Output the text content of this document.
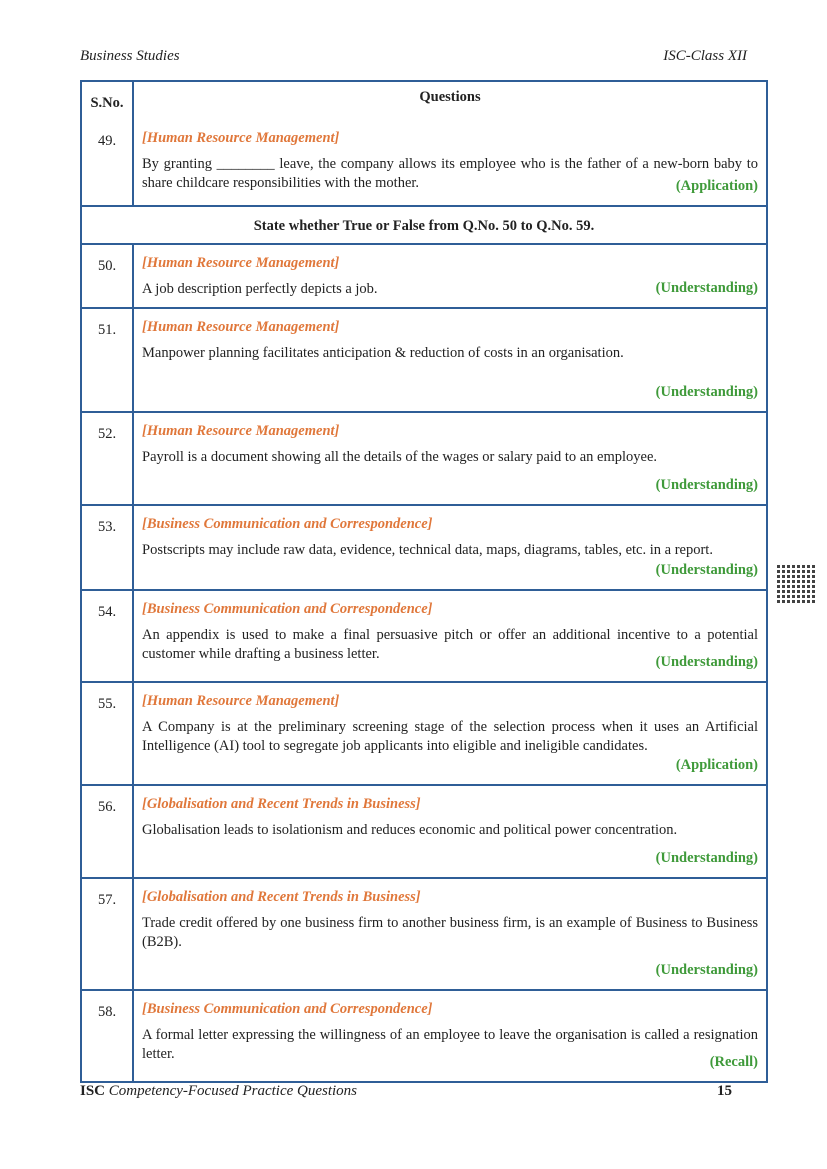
Business Studies	ISC-Class XII
S.No.	Questions
49.	[Human Resource Management]
By granting ________ leave, the company allows its employee who is the father of a new-born baby to share childcare responsibilities with the mother.	(Application)
State whether True or False from Q.No. 50 to Q.No. 59.
50.	[Human Resource Management]
A job description perfectly depicts a job.	(Understanding)
51.	[Human Resource Management]
Manpower planning facilitates anticipation & reduction of costs in an organisation.
(Understanding)
52.	[Human Resource Management]
Payroll is a document showing all the details of the wages or salary paid to an employee.
(Understanding)
53.	[Business Communication and Correspondence]
Postscripts may include raw data, evidence, technical data, maps, diagrams, tables, etc. in a report.
(Understanding)
54.	[Business Communication and Correspondence]
An appendix is used to make a final persuasive pitch or offer an additional incentive to a potential customer while drafting a business letter.	(Understanding)
55.	[Human Resource Management]
A Company is at the preliminary screening stage of the selection process when it uses an Artificial Intelligence (AI) tool to segregate job applicants into eligible and ineligible candidates.
(Application)
56.	[Globalisation and Recent Trends in Business]
Globalisation leads to isolationism and reduces economic and political power concentration.
(Understanding)
57.	[Globalisation and Recent Trends in Business]
Trade credit offered by one business firm to another business firm, is an example of Business to Business (B2B).
(Understanding)
58.	[Business Communication and Correspondence]
A formal letter expressing the willingness of an employee to leave the organisation is called a resignation letter.	(Recall)
ISC Competency-Focused Practice Questions	15
